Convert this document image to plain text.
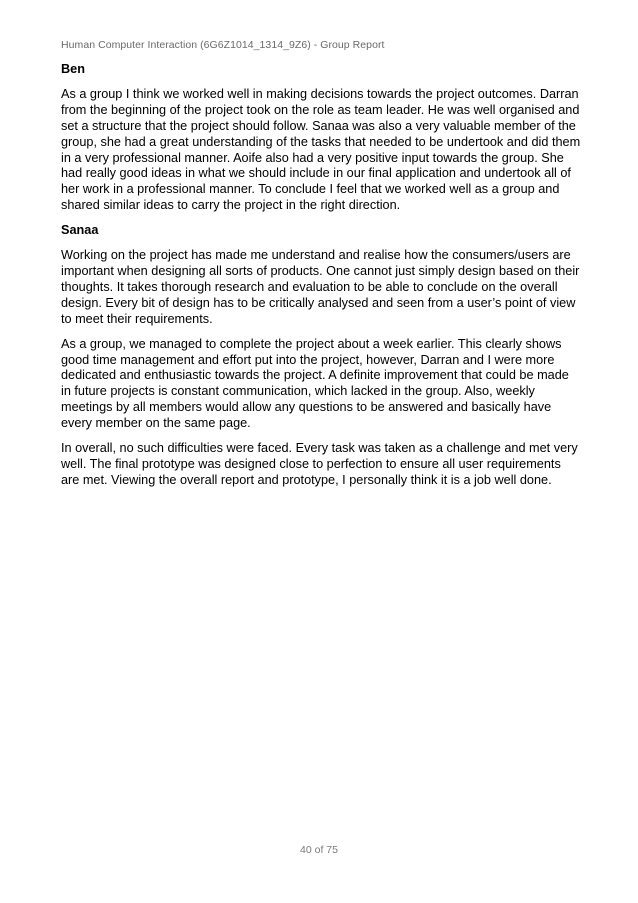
Human Computer Interaction (6G6Z1014_1314_9Z6) - Group Report

Ben

As a group I think we worked well in making decisions towards the project outcomes. Darran from the beginning of the project took on the role as team leader. He was well organised and set a structure that the project should follow. Sanaa was also a very valuable member of the group, she had a great understanding of the tasks that needed to be undertook and did them in a very professional manner. Aoife also had a very positive input towards the group. She had really good ideas in what we should include in our final application and undertook all of her work in a professional manner. To conclude I feel that we worked well as a group and shared similar ideas to carry the project in the right direction.

Sanaa

Working on the project has made me understand and realise how the consumers/users are important when designing all sorts of products. One cannot just simply design based on their thoughts. It takes thorough research and evaluation to be able to conclude on the overall design. Every bit of design has to be critically analysed and seen from a user’s point of view to meet their requirements.

As a group, we managed to complete the project about a week earlier. This clearly shows good time management and effort put into the project, however, Darran and I were more dedicated and enthusiastic towards the project. A definite improvement that could be made in future projects is constant communication, which lacked in the group. Also, weekly meetings by all members would allow any questions to be answered and basically have every member on the same page.

In overall, no such difficulties were faced. Every task was taken as a challenge and met very well. The final prototype was designed close to perfection to ensure all user requirements are met. Viewing the overall report and prototype, I personally think it is a job well done.

40 of 75
